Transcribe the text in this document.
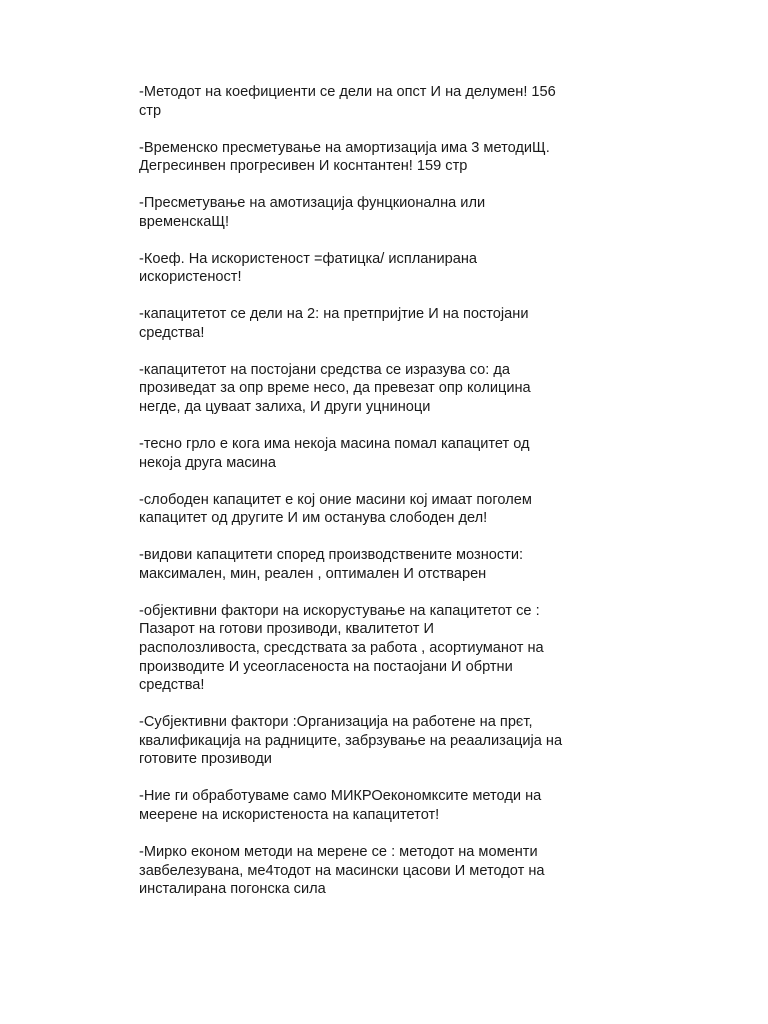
-Методот на коефициенти се дели на опст И на делумен! 156
стр

-Временско пресметување на амортизација има 3 методиЩ.
Дегресинвен прогресивен И коснтантен! 159 стр

-Пресметување на амотизација фунцкионална или
временскаЩ!

-Коеф. На искористеност =фатицка/ испланирана
искористеност!

-капацитетот се дели на 2: на претпријтие И на постојани
средства!

-капацитетот на постојани средства се изразува со: да
прозиведат за опр време несо, да превезат опр колицина
негде, да цуваат залиха, И други уцниноци

-тесно грло е кога има некоја масина помал капацитет од
некоја друга масина

-слободен капацитет е кој оние масини кој имаат поголем
капацитет од другите И им останува слободен дел!

-видови капацитети според производствените мозности:
максимален, мин, реален , оптимален И отстварен

-објективни фактори на искорустување на капацитетот се :
Пазарот на готови прозиводи, квалитетот И
располозливоста, сресдствата за работа , асортиуманот на
производите И усеогласеноста на постаојани И обртни
средства!

-Субјективни фактори :Организација на работене на прєт,
квалификација на радниците, забрзување на реаализација на
готовите прозиводи

-Ние ги обработуваме само МИКРОекономксите методи на
меерене на искористеноста на капацитетот!

-Мирко економ методи на мерене се : методот на моменти
завбелезувана, ме4тодот на масински цасови И методот на
инсталирана погонска сила
